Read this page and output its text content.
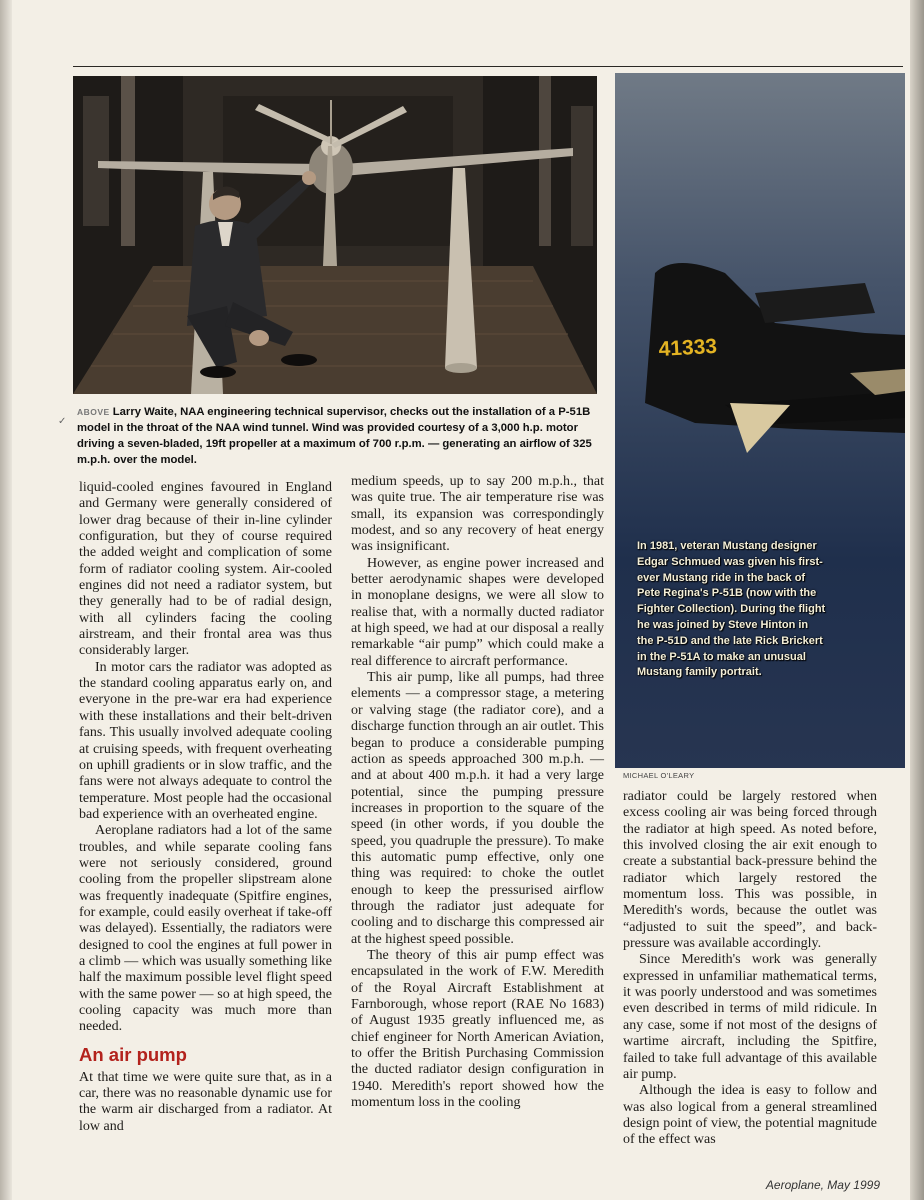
✓
ABOVE Larry Waite, NAA engineering technical supervisor, checks out the installation of a P-51B model in the throat of the NAA wind tunnel. Wind was provided courtesy of a 3,000 h.p. motor driving a seven-bladed, 19ft propeller at a maximum of 700 r.p.m. — generating an airflow of 325 m.p.h. over the model.
41333
In 1981, veteran Mustang designer Edgar Schmued was given his first-ever Mustang ride in the back of Pete Regina's P-51B (now with the Fighter Collection). During the flight he was joined by Steve Hinton in the P-51D and the late Rick Brickert in the P-51A to make an unusual Mustang family portrait.
MICHAEL O'LEARY

liquid-cooled engines favoured in England and Germany were generally considered of lower drag because of their in-line cylinder configuration, but they of course required the added weight and complication of some form of radiator cooling system. Air-cooled engines did not need a radiator system, but they generally had to be of radial design, with all cylinders facing the cooling airstream, and their frontal area was thus considerably larger.

In motor cars the radiator was adopted as the standard cooling apparatus early on, and everyone in the pre-war era had experience with these installations and their belt-driven fans. This usually involved adequate cooling at cruising speeds, with frequent overheating on uphill gradients or in slow traffic, and the fans were not always adequate to control the temperature. Most people had the occasional bad experience with an overheated engine.

Aeroplane radiators had a lot of the same troubles, and while separate cooling fans were not seriously considered, ground cooling from the propeller slipstream alone was frequently inadequate (Spitfire engines, for example, could easily overheat if take-off was delayed). Essentially, the radiators were designed to cool the engines at full power in a climb — which was usually something like half the maximum possible level flight speed with the same power — so at high speed, the cooling capacity was much more than needed.

An air pump

At that time we were quite sure that, as in a car, there was no reasonable dynamic use for the warm air discharged from a radiator. At low and

medium speeds, up to say 200 m.p.h., that was quite true. The air temperature rise was small, its expansion was correspondingly modest, and so any recovery of heat energy was insignificant.

However, as engine power increased and better aerodynamic shapes were developed in monoplane designs, we were all slow to realise that, with a normally ducted radiator at high speed, we had at our disposal a really remarkable “air pump” which could make a real difference to aircraft performance.

This air pump, like all pumps, had three elements — a compressor stage, a metering or valving stage (the radiator core), and a discharge function through an air outlet. This began to produce a considerable pumping action as speeds approached 300 m.p.h. — and at about 400 m.p.h. it had a very large potential, since the pumping pressure increases in proportion to the square of the speed (in other words, if you double the speed, you quadruple the pressure). To make this automatic pump effective, only one thing was required: to choke the outlet enough to keep the pressurised airflow through the radiator just adequate for cooling and to discharge this compressed air at the highest speed possible.

The theory of this air pump effect was encapsulated in the work of F.W. Meredith of the Royal Aircraft Establishment at Farnborough, whose report (RAE No 1683) of August 1935 greatly influenced me, as chief engineer for North American Aviation, to offer the British Purchasing Commission the ducted radiator design configuration in 1940. Meredith's report showed how the momentum loss in the cooling

radiator could be largely restored when excess cooling air was being forced through the radiator at high speed. As noted before, this involved closing the air exit enough to create a substantial back-pressure behind the radiator which largely restored the momentum loss. This was possible, in Meredith's words, because the outlet was “adjusted to suit the speed”, and back-pressure was available accordingly.

Since Meredith's work was generally expressed in unfamiliar mathematical terms, it was poorly understood and was sometimes even described in terms of mild ridicule. In any case, some if not most of the designs of wartime aircraft, including the Spitfire, failed to take full advantage of this available air pump.

Although the idea is easy to follow and was also logical from a general streamlined design point of view, the potential magnitude of the effect was

Aeroplane, May 1999
